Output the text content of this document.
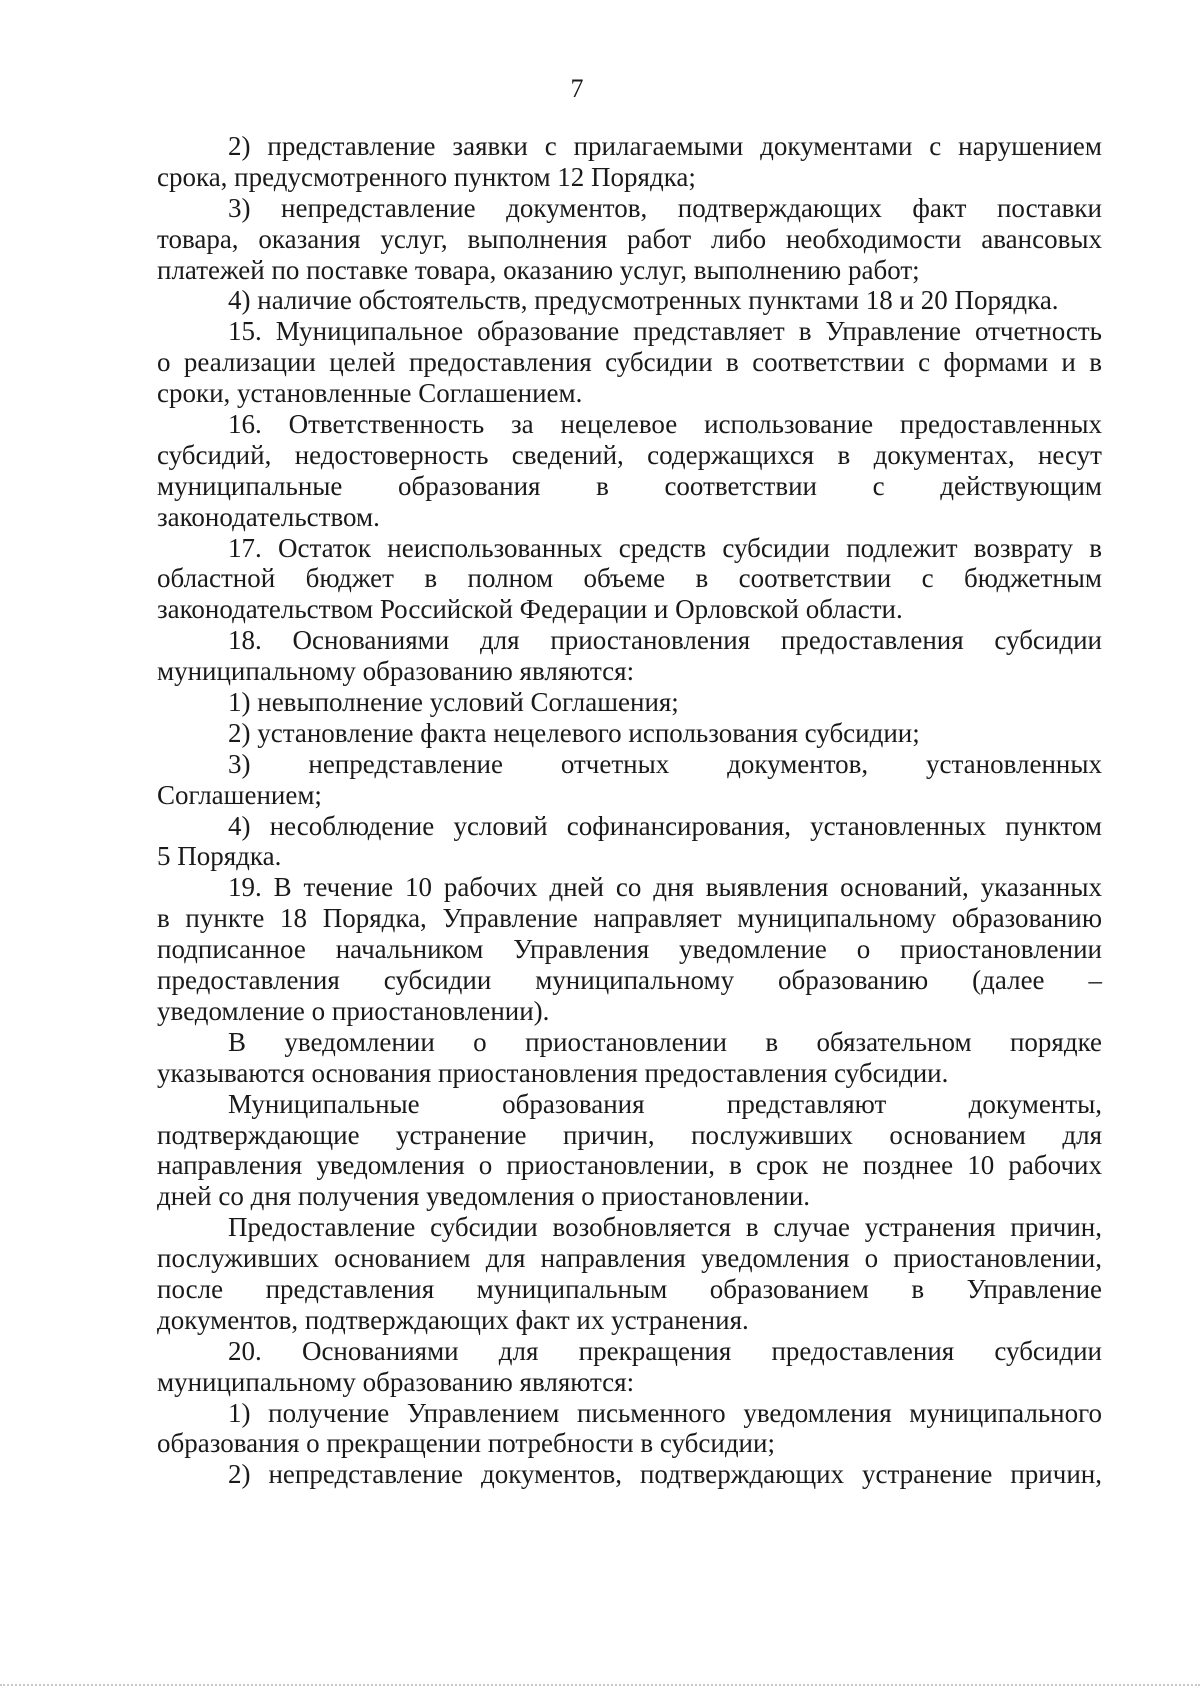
7
2) представление заявки с прилагаемыми документами с нарушением
срока, предусмотренного пунктом 12 Порядка;
3) непредставление документов, подтверждающих факт поставки
товара, оказания услуг, выполнения работ либо необходимости авансовых
платежей по поставке товара, оказанию услуг, выполнению работ;
4) наличие обстоятельств, предусмотренных пунктами 18 и 20 Порядка.
15. Муниципальное образование представляет в Управление отчетность
о реализации целей предоставления субсидии в соответствии с формами и в
сроки, установленные Соглашением.
16. Ответственность за нецелевое использование предоставленных
субсидий, недостоверность сведений, содержащихся в документах, несут
муниципальные образования в соответствии с действующим
законодательством.
17. Остаток неиспользованных средств субсидии подлежит возврату в
областной бюджет в полном объеме в соответствии с бюджетным
законодательством Российской Федерации и Орловской области.
18. Основаниями для приостановления предоставления субсидии
муниципальному образованию являются:
1) невыполнение условий Соглашения;
2) установление факта нецелевого использования субсидии;
3) непредставление отчетных документов, установленных
Соглашением;
4) несоблюдение условий софинансирования, установленных пунктом
5 Порядка.
19. В течение 10 рабочих дней со дня выявления оснований, указанных
в пункте 18 Порядка, Управление направляет муниципальному образованию
подписанное начальником Управления уведомление о приостановлении
предоставления субсидии муниципальному образованию (далее –
уведомление о приостановлении).
В уведомлении о приостановлении в обязательном порядке
указываются основания приостановления предоставления субсидии.
Муниципальные образования представляют документы,
подтверждающие устранение причин, послуживших основанием для
направления уведомления о приостановлении, в срок не позднее 10 рабочих
дней со дня получения уведомления о приостановлении.
Предоставление субсидии возобновляется в случае устранения причин,
послуживших основанием для направления уведомления о приостановлении,
после представления муниципальным образованием в Управление
документов, подтверждающих факт их устранения.
20. Основаниями для прекращения предоставления субсидии
муниципальному образованию являются:
1) получение Управлением письменного уведомления муниципального
образования о прекращении потребности в субсидии;
2) непредставление документов, подтверждающих устранение причин,
